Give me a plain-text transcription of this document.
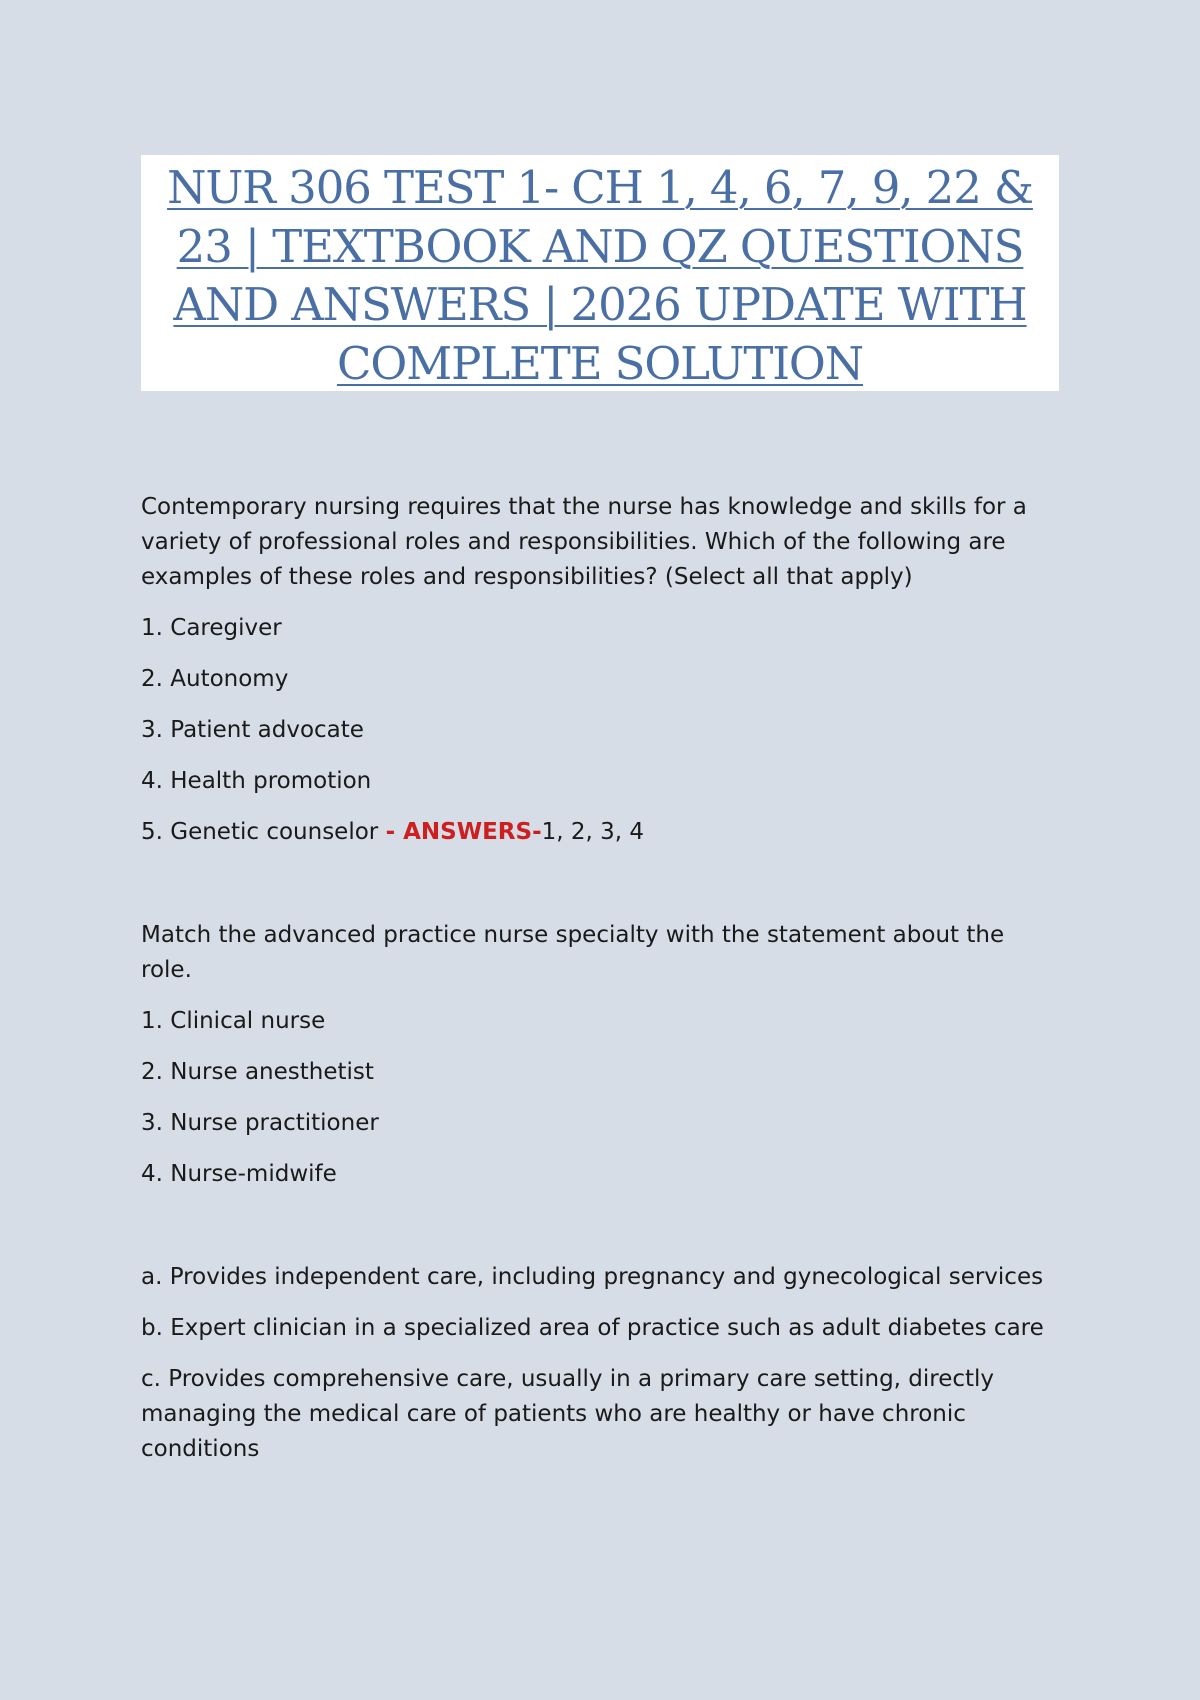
NUR 306 TEST 1- CH 1, 4, 6, 7, 9, 22 & 23 | TEXTBOOK AND QZ QUESTIONS AND ANSWERS | 2026 UPDATE WITH COMPLETE SOLUTION

Contemporary nursing requires that the nurse has knowledge and skills for a variety of professional roles and responsibilities. Which of the following are examples of these roles and responsibilities? (Select all that apply)

1. Caregiver

2. Autonomy

3. Patient advocate

4. Health promotion

5. Genetic counselor - ANSWERS-1, 2, 3, 4

Match the advanced practice nurse specialty with the statement about the role.

1. Clinical nurse

2. Nurse anesthetist

3. Nurse practitioner

4. Nurse-midwife

a. Provides independent care, including pregnancy and gynecological services

b. Expert clinician in a specialized area of practice such as adult diabetes care

c. Provides comprehensive care, usually in a primary care setting, directly managing the medical care of patients who are healthy or have chronic conditions
